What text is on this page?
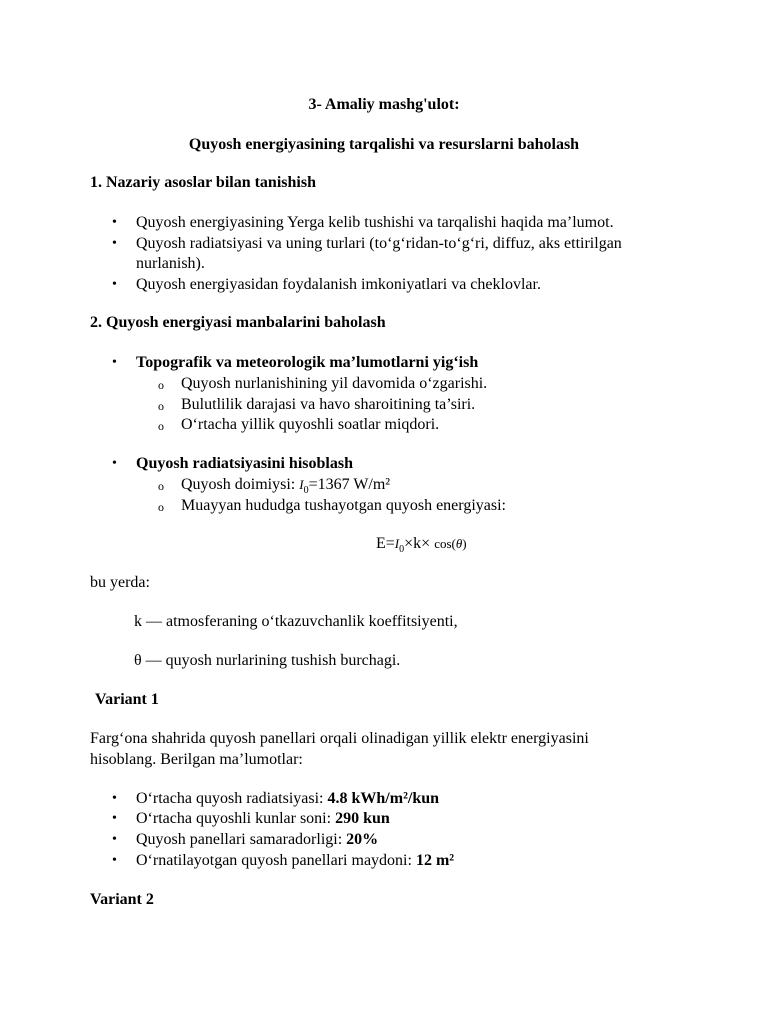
3- Amaliy mashg'ulot:
Quyosh energiyasining tarqalishi va resurslarni baholash
1. Nazariy asoslar bilan tanishish
• Quyosh energiyasining Yerga kelib tushishi va tarqalishi haqida ma’lumot.
• Quyosh radiatsiyasi va uning turlari (to‘g‘ridan-to‘g‘ri, diffuz, aks ettirilgan
nurlanish).
• Quyosh energiyasidan foydalanish imkoniyatlari va cheklovlar.
2. Quyosh energiyasi manbalarini baholash
• Topografik va meteorologik ma’lumotlarni yig‘ish
o Quyosh nurlanishining yil davomida o‘zgarishi.
o Bulutlilik darajasi va havo sharoitining ta’siri.
o O‘rtacha yillik quyoshli soatlar miqdori.
• Quyosh radiatsiyasini hisoblash
o Quyosh doimiysi: $I_0=1367$ W/m²
o Muayyan hududga tushayotgan quyosh energiyasi:
$E=I_0\times k\times \cos(\theta)$
bu yerda:
k — atmosferaning o‘tkazuvchanlik koeffitsiyenti,
θ — quyosh nurlarining tushish burchagi.
Variant 1
Farg‘ona shahrida quyosh panellari orqali olinadigan yillik elektr energiyasini
hisoblang. Berilgan ma’lumotlar:
• O‘rtacha quyosh radiatsiyasi: 4.8 kWh/m²/kun
• O‘rtacha quyoshli kunlar soni: 290 kun
• Quyosh panellari samaradorligi: 20%
• O‘rnatilayotgan quyosh panellari maydoni: 12 m²
Variant 2
